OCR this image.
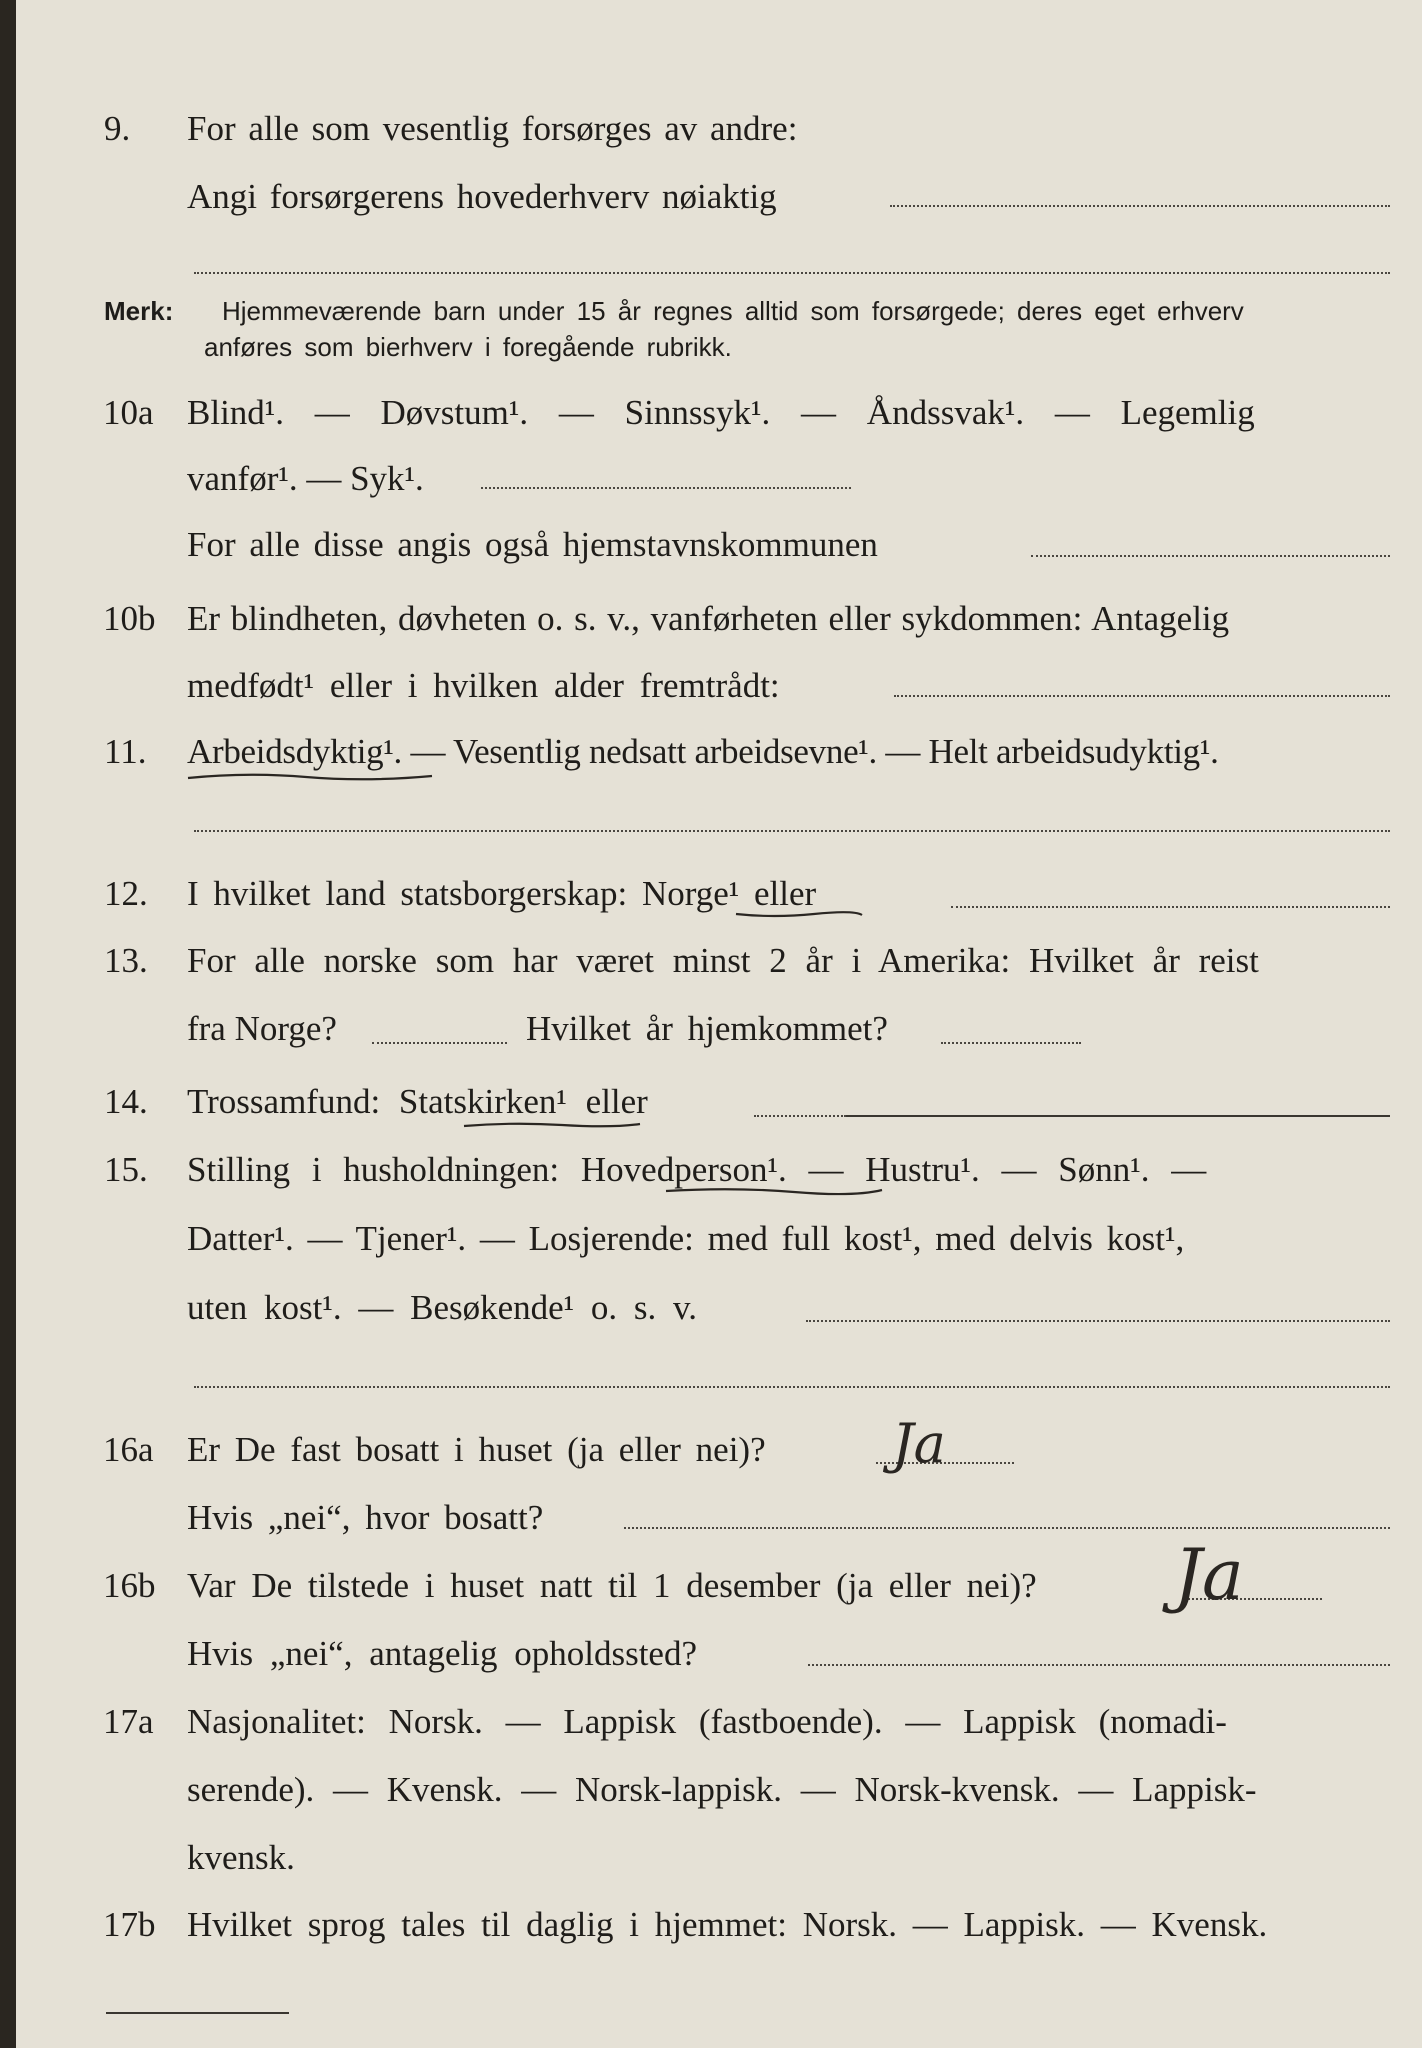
9. For alle som vesentlig forsørges av andre:
Angi forsørgerens hovederhverv nøiaktig
Merk: Hjemmeværende barn under 15 år regnes alltid som forsørgede; deres eget erhverv
anføres som bierhverv i foregående rubrikk.
10a Blind¹. — Døvstum¹. — Sinnssyk¹. — Åndssvak¹. — Legemlig
vanfør¹. — Syk¹.
For alle disse angis også hjemstavnskommunen
10b Er blindheten, døvheten o. s. v., vanførheten eller sykdommen: Antagelig
medfødt¹ eller i hvilken alder fremtrådt:
11. Arbeidsdyktig¹. — Vesentlig nedsatt arbeidsevne¹. — Helt arbeidsudyktig¹.
12. I hvilket land statsborgerskap: Norge¹ eller
13. For alle norske som har været minst 2 år i Amerika: Hvilket år reist
fra Norge?	Hvilket år hjemkommet?
14. Trossamfund: Statskirken¹ eller
15. Stilling i husholdningen: Hovedperson¹. — Hustru¹. — Sønn¹. —
Datter¹. — Tjener¹. — Losjerende: med full kost¹, med delvis kost¹,
uten kost¹. — Besøkende¹ o. s. v.
16a Er De fast bosatt i huset (ja eller nei)? Ja
Hvis „nei“, hvor bosatt?
16b Var De tilstede i huset natt til 1 desember (ja eller nei)? Ja
Hvis „nei“, antagelig opholdssted?
17a Nasjonalitet: Norsk. — Lappisk (fastboende). — Lappisk (nomadi-
serende). — Kvensk. — Norsk-lappisk. — Norsk-kvensk. — Lappisk-
kvensk.
17b Hvilket sprog tales til daglig i hjemmet: Norsk. — Lappisk. — Kvensk.
